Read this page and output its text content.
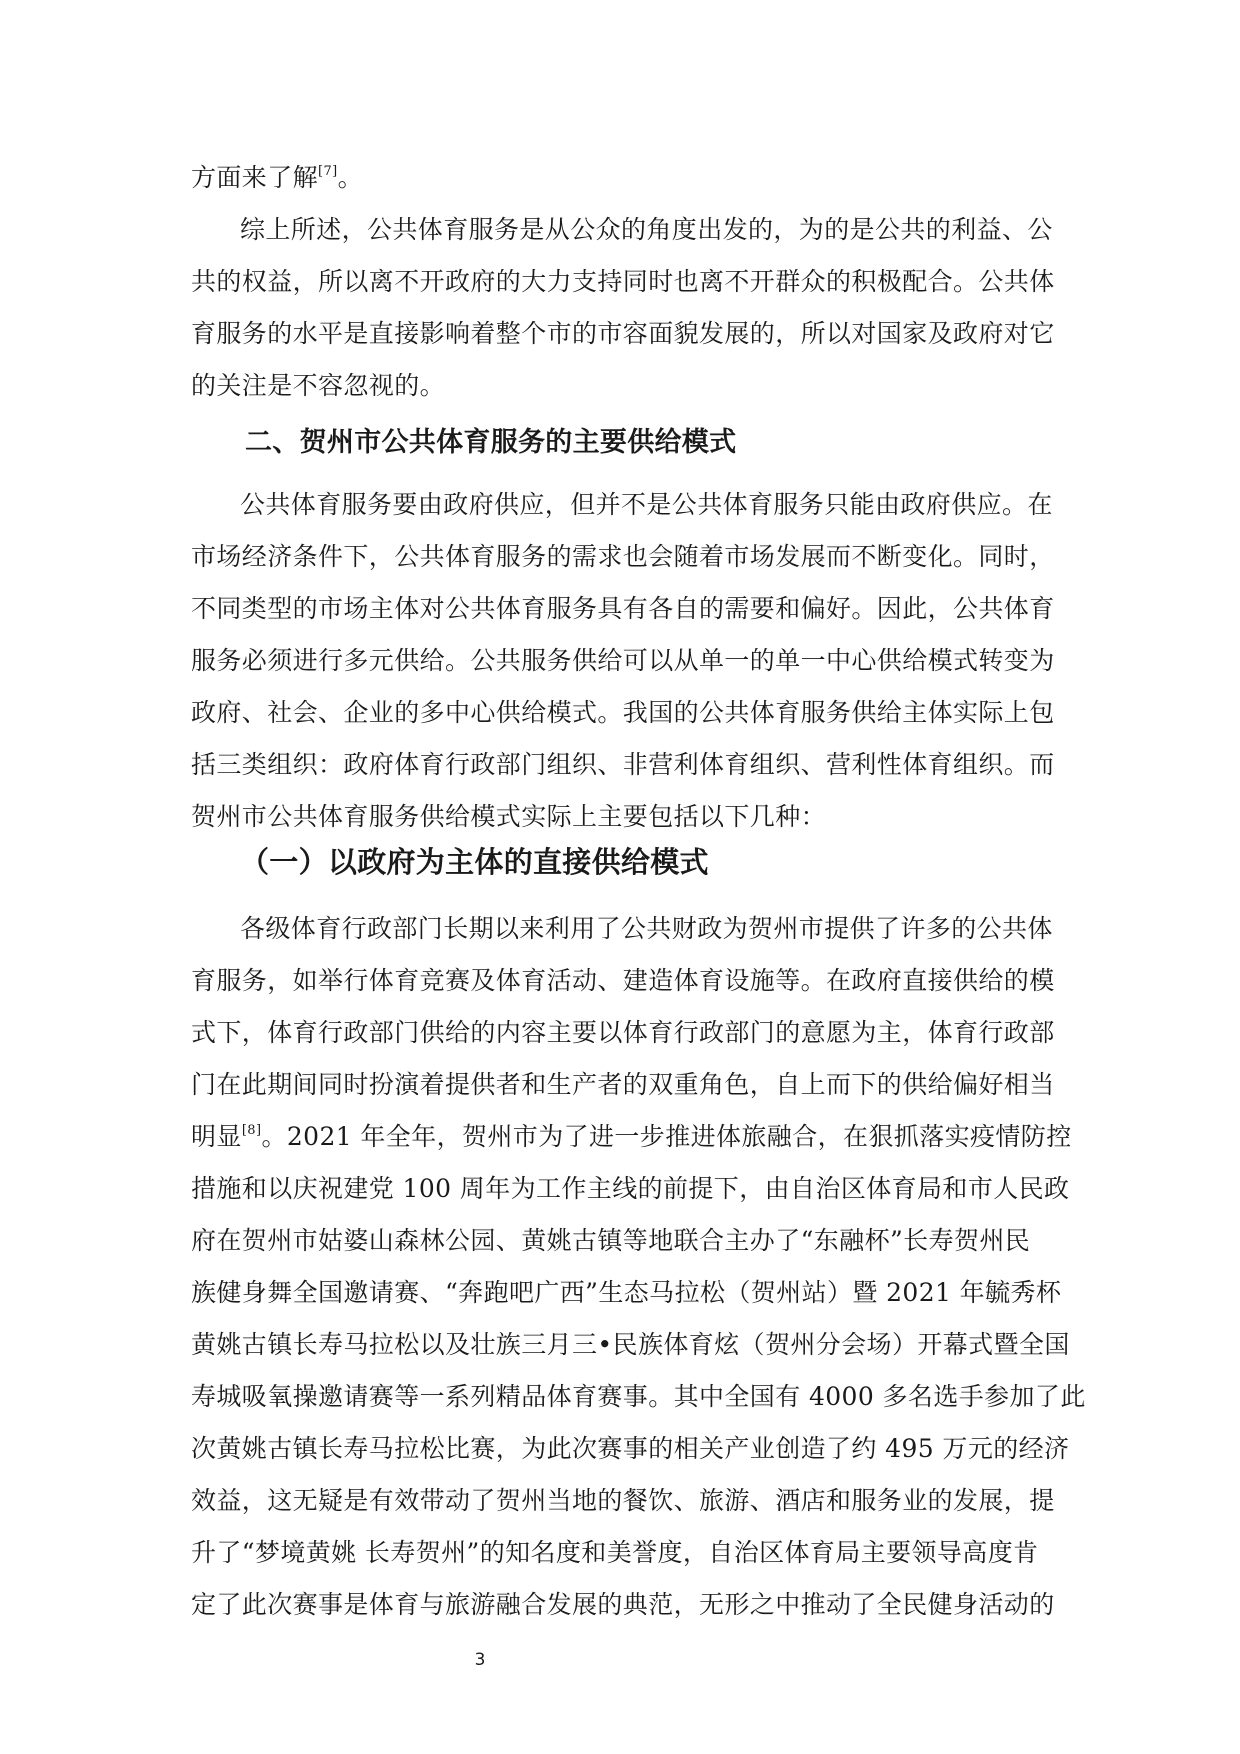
方面来了解[7]。
综上所述，公共体育服务是从公众的角度出发的，为的是公共的利益、公
共的权益，所以离不开政府的大力支持同时也离不开群众的积极配合。公共体
育服务的水平是直接影响着整个市的市容面貌发展的，所以对国家及政府对它
的关注是不容忽视的。
二、贺州市公共体育服务的主要供给模式
公共体育服务要由政府供应，但并不是公共体育服务只能由政府供应。在
市场经济条件下，公共体育服务的需求也会随着市场发展而不断变化。同时，
不同类型的市场主体对公共体育服务具有各自的需要和偏好。因此，公共体育
服务必须进行多元供给。公共服务供给可以从单一的单一中心供给模式转变为
政府、社会、企业的多中心供给模式。我国的公共体育服务供给主体实际上包
括三类组织：政府体育行政部门组织、非营利体育组织、营利性体育组织。而
贺州市公共体育服务供给模式实际上主要包括以下几种：
（一）以政府为主体的直接供给模式
各级体育行政部门长期以来利用了公共财政为贺州市提供了许多的公共体
育服务，如举行体育竞赛及体育活动、建造体育设施等。在政府直接供给的模
式下，体育行政部门供给的内容主要以体育行政部门的意愿为主，体育行政部
门在此期间同时扮演着提供者和生产者的双重角色，自上而下的供给偏好相当
明显[8]。2021 年全年，贺州市为了进一步推进体旅融合，在狠抓落实疫情防控
措施和以庆祝建党 100 周年为工作主线的前提下，由自治区体育局和市人民政
府在贺州市姑婆山森林公园、黄姚古镇等地联合主办了“东融杯”长寿贺州民
族健身舞全国邀请赛、“奔跑吧广西”生态马拉松（贺州站）暨 2021 年毓秀杯
黄姚古镇长寿马拉松以及壮族三月三•民族体育炫（贺州分会场）开幕式暨全国
寿城吸氧操邀请赛等一系列精品体育赛事。其中全国有 4000 多名选手参加了此
次黄姚古镇长寿马拉松比赛，为此次赛事的相关产业创造了约 495 万元的经济
效益，这无疑是有效带动了贺州当地的餐饮、旅游、酒店和服务业的发展，提
升了“梦境黄姚 长寿贺州”的知名度和美誉度，自治区体育局主要领导高度肯
定了此次赛事是体育与旅游融合发展的典范，无形之中推动了全民健身活动的
3
